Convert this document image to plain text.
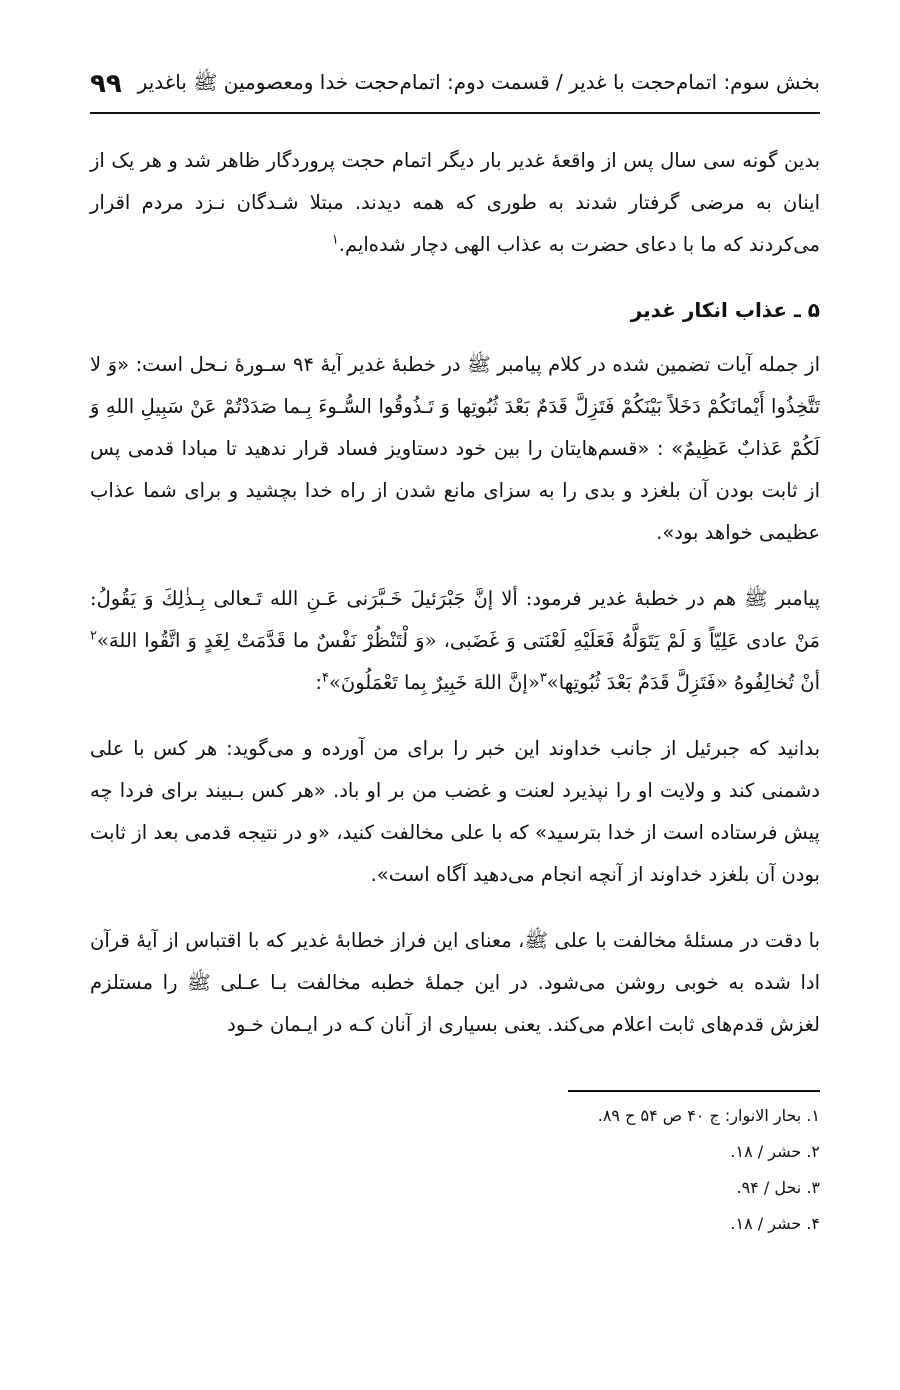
بخش سوم: اتمام‌حجت با غدیر / قسمت دوم: اتمام‌حجت خدا ومعصومین ﷺ باغدیر
۹۹

بدین گونه سی سال پس از واقعهٔ غدیر بار دیگر اتمام حجت پروردگار ظاهر شد و هر یک از اینان به مرضی گرفتار شدند به طوری که همه دیدند. مبتلا شـدگان نـزد مردم اقرار می‌کردند که ما با دعای حضرت به عذاب الهی دچار شده‌ایم.$^۱$

۵ ـ عذاب انکار غدیر

از جمله آیات تضمین شده در کلام پیامبر ﷺ در خطبهٔ غدیر آیهٔ ۹۴ سـورهٔ نـحل است: «وَ لا تَتَّخِذُوا أَيْمانَكُمْ دَخَلاً بَيْنَكُمْ فَتَزِلَّ قَدَمٌ بَعْدَ ثُبُوتِها وَ تَـذُوقُوا السُّـوءَ بِـما صَدَدْتُمْ عَنْ سَبِيلِ اللهِ وَ لَكُمْ عَذابٌ عَظِيمٌ» : «قسم‌هایتان را بین خود دستاویز فساد قرار ندهید تا مبادا قدمی پس از ثابت بودن آن بلغزد و بدی را به سزای مانع شدن از راه خدا بچشید و برای شما عذاب عظیمی خواهد بود».

پیامبر ﷺ هم در خطبهٔ غدیر فرمود: ألا إنَّ جَبْرَئيلَ خَـبَّرَنى عَـنِ الله تَـعالى بِـذٰلِكَ وَ يَقُولُ: مَنْ عادى عَلِيّاً وَ لَمْ يَتَوَلَّهُ فَعَلَيْهِ لَعْنَتى وَ غَضَبى، «وَ لْتَنْظُرْ نَفْسٌ ما قَدَّمَتْ لِغَدٍ وَ اتَّقُوا اللهَ»$^۲$ أنْ تُخالِفُوهُ «فَتَزِلَّ قَدَمٌ بَعْدَ ثُبُوتِها»$^۳$«إنَّ اللهَ خَبِيرٌ بِما تَعْمَلُونَ»$^۴$:

بدانید که جبرئیل از جانب خداوند این خبر را برای من آورده و می‌گوید: هر کس با علی دشمنی کند و ولایت او را نپذیرد لعنت و غضب من بر او باد. «هر کس بـبیند برای فردا چه پیش فرستاده است از خدا بترسید» که با علی مخالفت کنید، «و در نتیجه قدمی بعد از ثابت بودن آن بلغزد خداوند از آنچه انجام می‌دهید آگاه است».

با دقت در مسئلهٔ مخالفت با علی ﷺ، معنای این فراز خطابهٔ غدیر که با اقتباس از آیهٔ قرآن ادا شده به خوبی روشن می‌شود. در این جملهٔ خطبه مخالفت بـا عـلی ﷺ را مستلزم لغزش قدم‌های ثابت اعلام می‌کند. یعنی بسیاری از آنان کـه در ایـمان خـود

۱. بحار الانوار: ج ۴۰ ص ۵۴ ح ۸۹.
۲. حشر / ۱۸.
۳. نحل / ۹۴.
۴. حشر / ۱۸.
